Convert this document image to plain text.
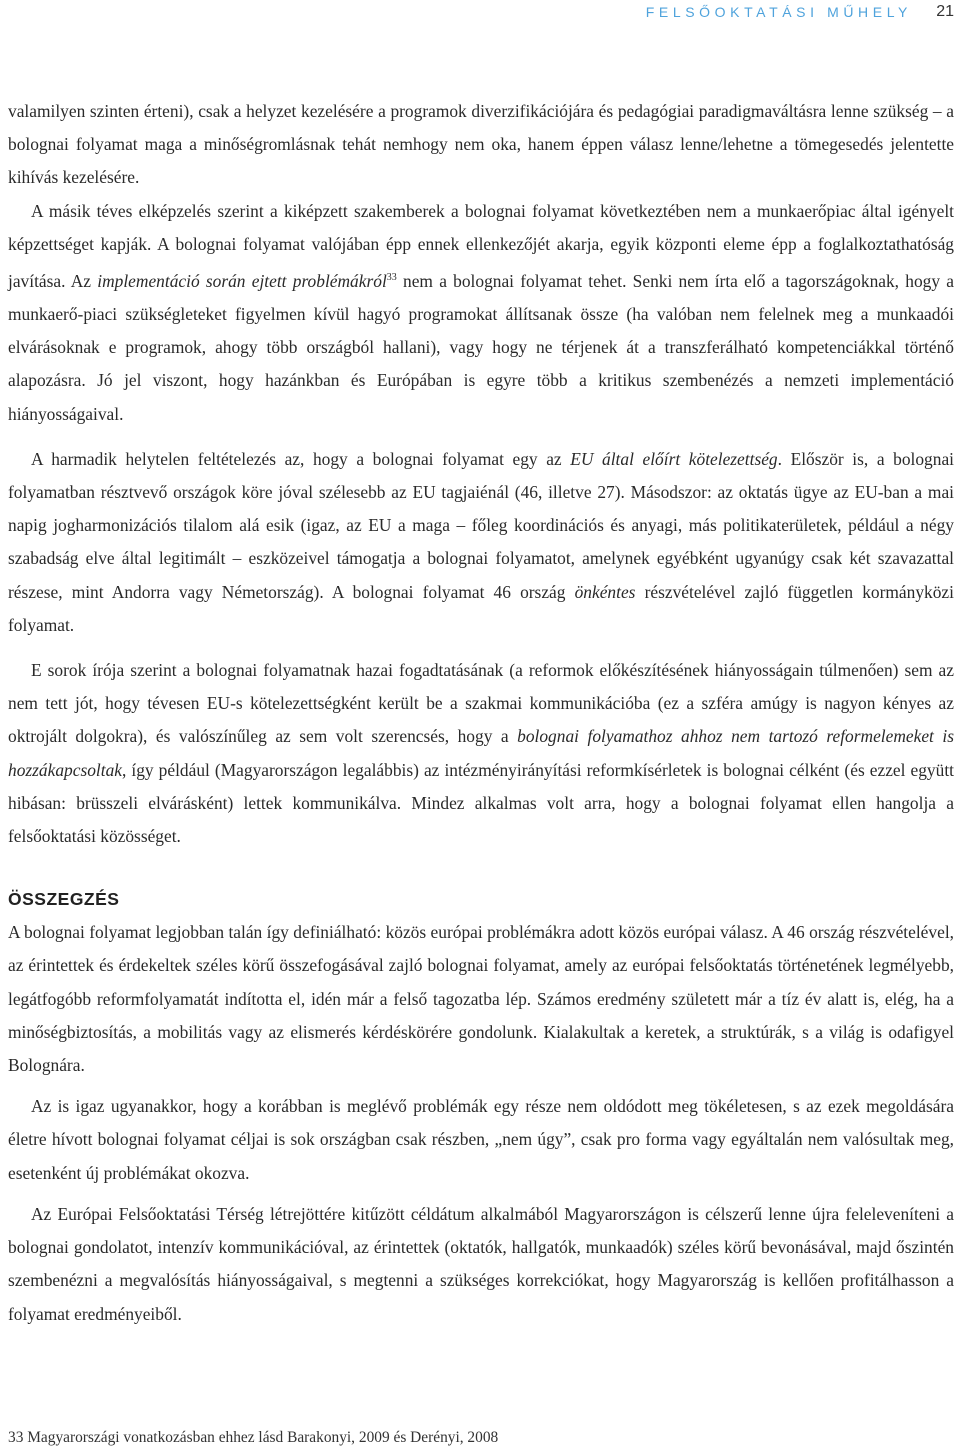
FELSŐOKTATÁSI MŰHELY 21

valamilyen szinten érteni), csak a helyzet kezelésére a programok diverzifikációjára és pedagógiai paradigmaváltásra lenne szükség – a bolognai folyamat maga a minőségromlásnak tehát nemhogy nem oka, hanem éppen válasz lenne/lehetne a tömegesedés jelentette kihívás kezelésére.

A másik téves elképzelés szerint a kiképzett szakemberek a bolognai folyamat következtében nem a munkaerőpiac által igényelt képzettséget kapják. A bolognai folyamat valójában épp ennek ellenkezőjét akarja, egyik központi eleme épp a foglalkoztathatóság javítása. Az implementáció során ejtett problémákról$^{33}$ nem a bolognai folyamat tehet. Senki nem írta elő a tagországoknak, hogy a munkaerő-piaci szükségleteket figyelmen kívül hagyó programokat állítsanak össze (ha valóban nem felelnek meg a munkaadói elvárásoknak e programok, ahogy több országból hallani), vagy hogy ne térjenek át a transzferálható kompetenciákkal történő alapozásra. Jó jel viszont, hogy hazánkban és Európában is egyre több a kritikus szembenézés a nemzeti implementáció hiányosságaival.

A harmadik helytelen feltételezés az, hogy a bolognai folyamat egy az EU által előírt kötelezettség. Először is, a bolognai folyamatban résztvevő országok köre jóval szélesebb az EU tagjaiénál (46, illetve 27). Másodszor: az oktatás ügye az EU-ban a mai napig jogharmonizációs tilalom alá esik (igaz, az EU a maga – főleg koordinációs és anyagi, más politikaterületek, például a négy szabadság elve által legitimált – eszközeivel támogatja a bolognai folyamatot, amelynek egyébként ugyanúgy csak két szavazattal részese, mint Andorra vagy Németország). A bolognai folyamat 46 ország önkéntes részvételével zajló független kormányközi folyamat.

E sorok írója szerint a bolognai folyamatnak hazai fogadtatásának (a reformok előkészítésének hiányosságain túlmenően) sem az nem tett jót, hogy tévesen EU-s kötelezettségként került be a szakmai kommunikációba (ez a szféra amúgy is nagyon kényes az oktrojált dolgokra), és valószínűleg az sem volt szerencsés, hogy a bolognai folyamathoz ahhoz nem tartozó reformelemeket is hozzákapcsoltak, így például (Magyarországon legalábbis) az intézményirányítási reformkísérletek is bolognai célként (és ezzel együtt hibásan: brüsszeli elvárásként) lettek kommunikálva. Mindez alkalmas volt arra, hogy a bolognai folyamat ellen hangolja a felsőoktatási közösséget.

ÖSSZEGZÉS

A bolognai folyamat legjobban talán így definiálható: közös európai problémákra adott közös európai válasz. A 46 ország részvételével, az érintettek és érdekeltek széles körű összefogásával zajló bolognai folyamat, amely az európai felsőoktatás történetének legmélyebb, legátfogóbb reformfolyamatát indította el, idén már a felső tagozatba lép. Számos eredmény született már a tíz év alatt is, elég, ha a minőségbiztosítás, a mobilitás vagy az elismerés kérdéskörére gondolunk. Kialakultak a keretek, a struktúrák, s a világ is odafigyel Bolognára.

Az is igaz ugyanakkor, hogy a korábban is meglévő problémák egy része nem oldódott meg tökéletesen, s az ezek megoldására életre hívott bolognai folyamat céljai is sok országban csak részben, „nem úgy”, csak pro forma vagy egyáltalán nem valósultak meg, esetenként új problémákat okozva.

Az Európai Felsőoktatási Térség létrejöttére kitűzött céldátum alkalmából Magyarországon is célszerű lenne újra feleleveníteni a bolognai gondolatot, intenzív kommunikációval, az érintettek (oktatók, hallgatók, munkaadók) széles körű bevonásával, majd őszintén szembenézni a megvalósítás hiányosságaival, s megtenni a szükséges korrekciókat, hogy Magyarország is kellően profitálhasson a folyamat eredményeiből.

33 Magyarországi vonatkozásban ehhez lásd Barakonyi, 2009 és Derényi, 2008
